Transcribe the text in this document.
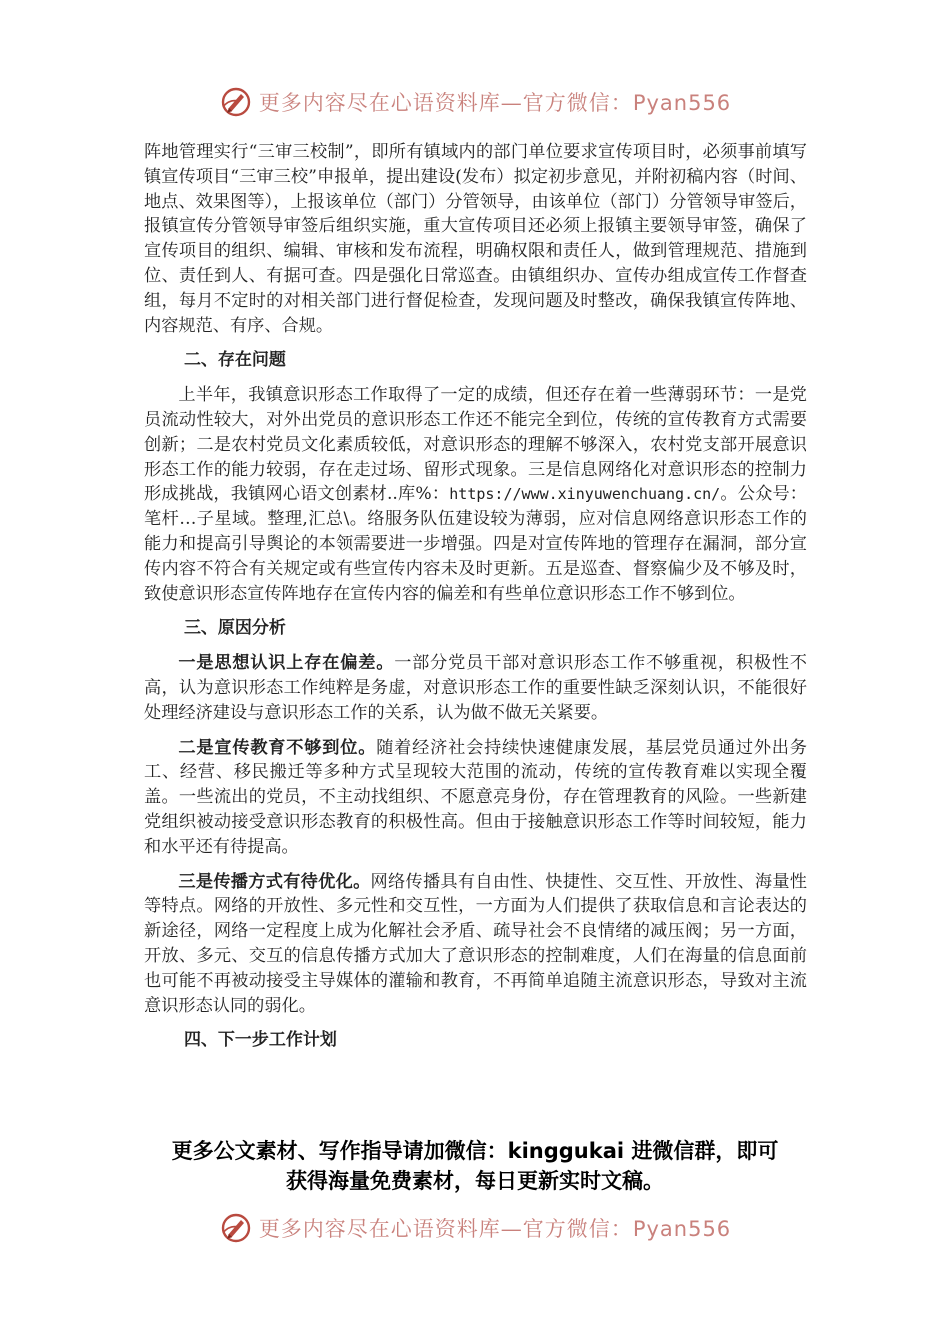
更多内容尽在心语资料库—官方微信：Pyan556

阵地管理实行“三审三校制”，即所有镇域内的部门单位要求宣传项目时，必须事前填写镇宣传项目“三审三校”申报单，提出建设(发布）拟定初步意见，并附初稿内容（时间、地点、效果图等），上报该单位（部门）分管领导，由该单位（部门）分管领导审签后，报镇宣传分管领导审签后组织实施，重大宣传项目还必须上报镇主要领导审签，确保了宣传项目的组织、编辑、审核和发布流程，明确权限和责任人，做到管理规范、措施到位、责任到人、有据可查。四是强化日常巡查。由镇组织办、宣传办组成宣传工作督查组，每月不定时的对相关部门进行督促检查，发现问题及时整改，确保我镇宣传阵地、内容规范、有序、合规。

二、存在问题

上半年，我镇意识形态工作取得了一定的成绩，但还存在着一些薄弱环节：一是党员流动性较大，对外出党员的意识形态工作还不能完全到位，传统的宣传教育方式需要创新；二是农村党员文化素质较低，对意识形态的理解不够深入，农村党支部开展意识形态工作的能力较弱，存在走过场、留形式现象。三是信息网络化对意识形态的控制力形成挑战，我镇网心语文创素材..库%：https://www.xinyuwenchuang.cn/。公众号：笔杆…子星域。整理,汇总\。络服务队伍建设较为薄弱，应对信息网络意识形态工作的能力和提高引导舆论的本领需要进一步增强。四是对宣传阵地的管理存在漏洞，部分宣传内容不符合有关规定或有些宣传内容未及时更新。五是巡查、督察偏少及不够及时，致使意识形态宣传阵地存在宣传内容的偏差和有些单位意识形态工作不够到位。

三、原因分析

一是思想认识上存在偏差。一部分党员干部对意识形态工作不够重视，积极性不高，认为意识形态工作纯粹是务虚，对意识形态工作的重要性缺乏深刻认识，不能很好处理经济建设与意识形态工作的关系，认为做不做无关紧要。

二是宣传教育不够到位。随着经济社会持续快速健康发展，基层党员通过外出务工、经营、移民搬迁等多种方式呈现较大范围的流动，传统的宣传教育难以实现全覆盖。一些流出的党员，不主动找组织、不愿意亮身份，存在管理教育的风险。一些新建党组织被动接受意识形态教育的积极性高。但由于接触意识形态工作等时间较短，能力和水平还有待提高。

三是传播方式有待优化。网络传播具有自由性、快捷性、交互性、开放性、海量性等特点。网络的开放性、多元性和交互性，一方面为人们提供了获取信息和言论表达的新途径，网络一定程度上成为化解社会矛盾、疏导社会不良情绪的减压阀；另一方面，开放、多元、交互的信息传播方式加大了意识形态的控制难度，人们在海量的信息面前也可能不再被动接受主导媒体的灌输和教育，不再简单追随主流意识形态，导致对主流意识形态认同的弱化。

四、下一步工作计划

更多公文素材、写作指导请加微信：kinggukai 进微信群，即可
获得海量免费素材，每日更新实时文稿。
更多内容尽在心语资料库—官方微信：Pyan556
